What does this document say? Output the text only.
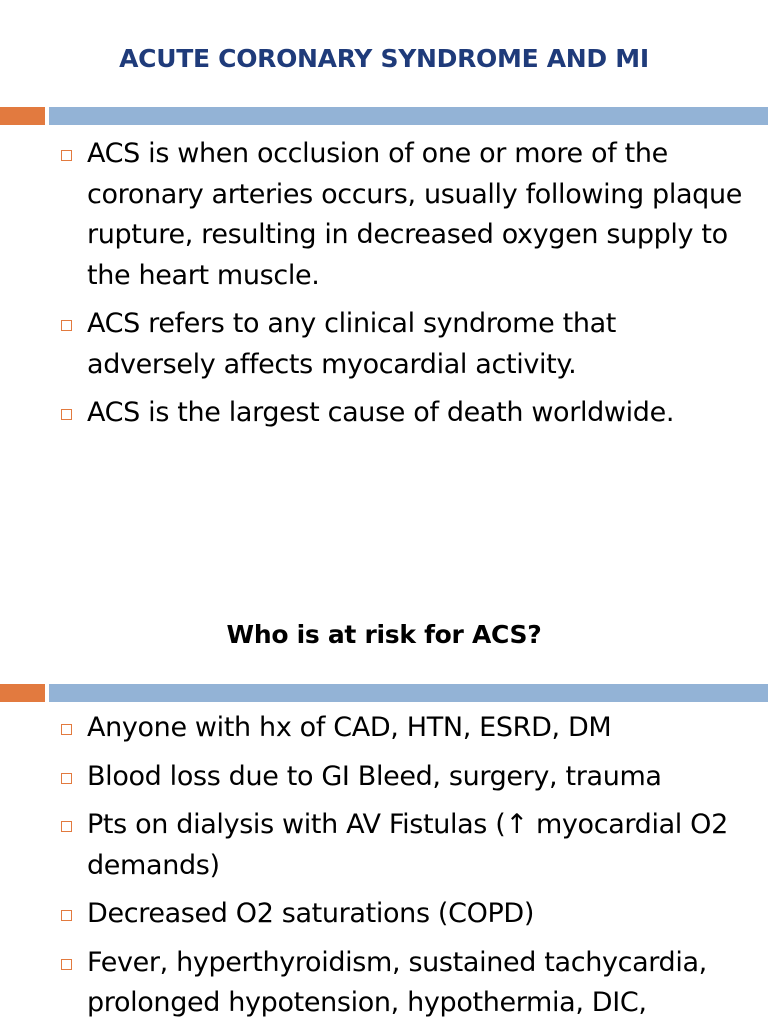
ACUTE CORONARY SYNDROME AND MI
ACS is when occlusion of one or more of the coronary arteries occurs, usually following plaque rupture, resulting in decreased oxygen supply to the heart muscle.
ACS refers to any clinical syndrome that adversely affects myocardial activity.
ACS is the largest cause of death worldwide.
Who is at risk for ACS?
Anyone with hx of CAD, HTN, ESRD, DM
Blood loss due to GI Bleed, surgery, trauma
Pts on dialysis with AV Fistulas (↑ myocardial O2 demands)
Decreased O2 saturations (COPD)
Fever, hyperthyroidism, sustained tachycardia, prolonged hypotension, hypothermia, DIC,
